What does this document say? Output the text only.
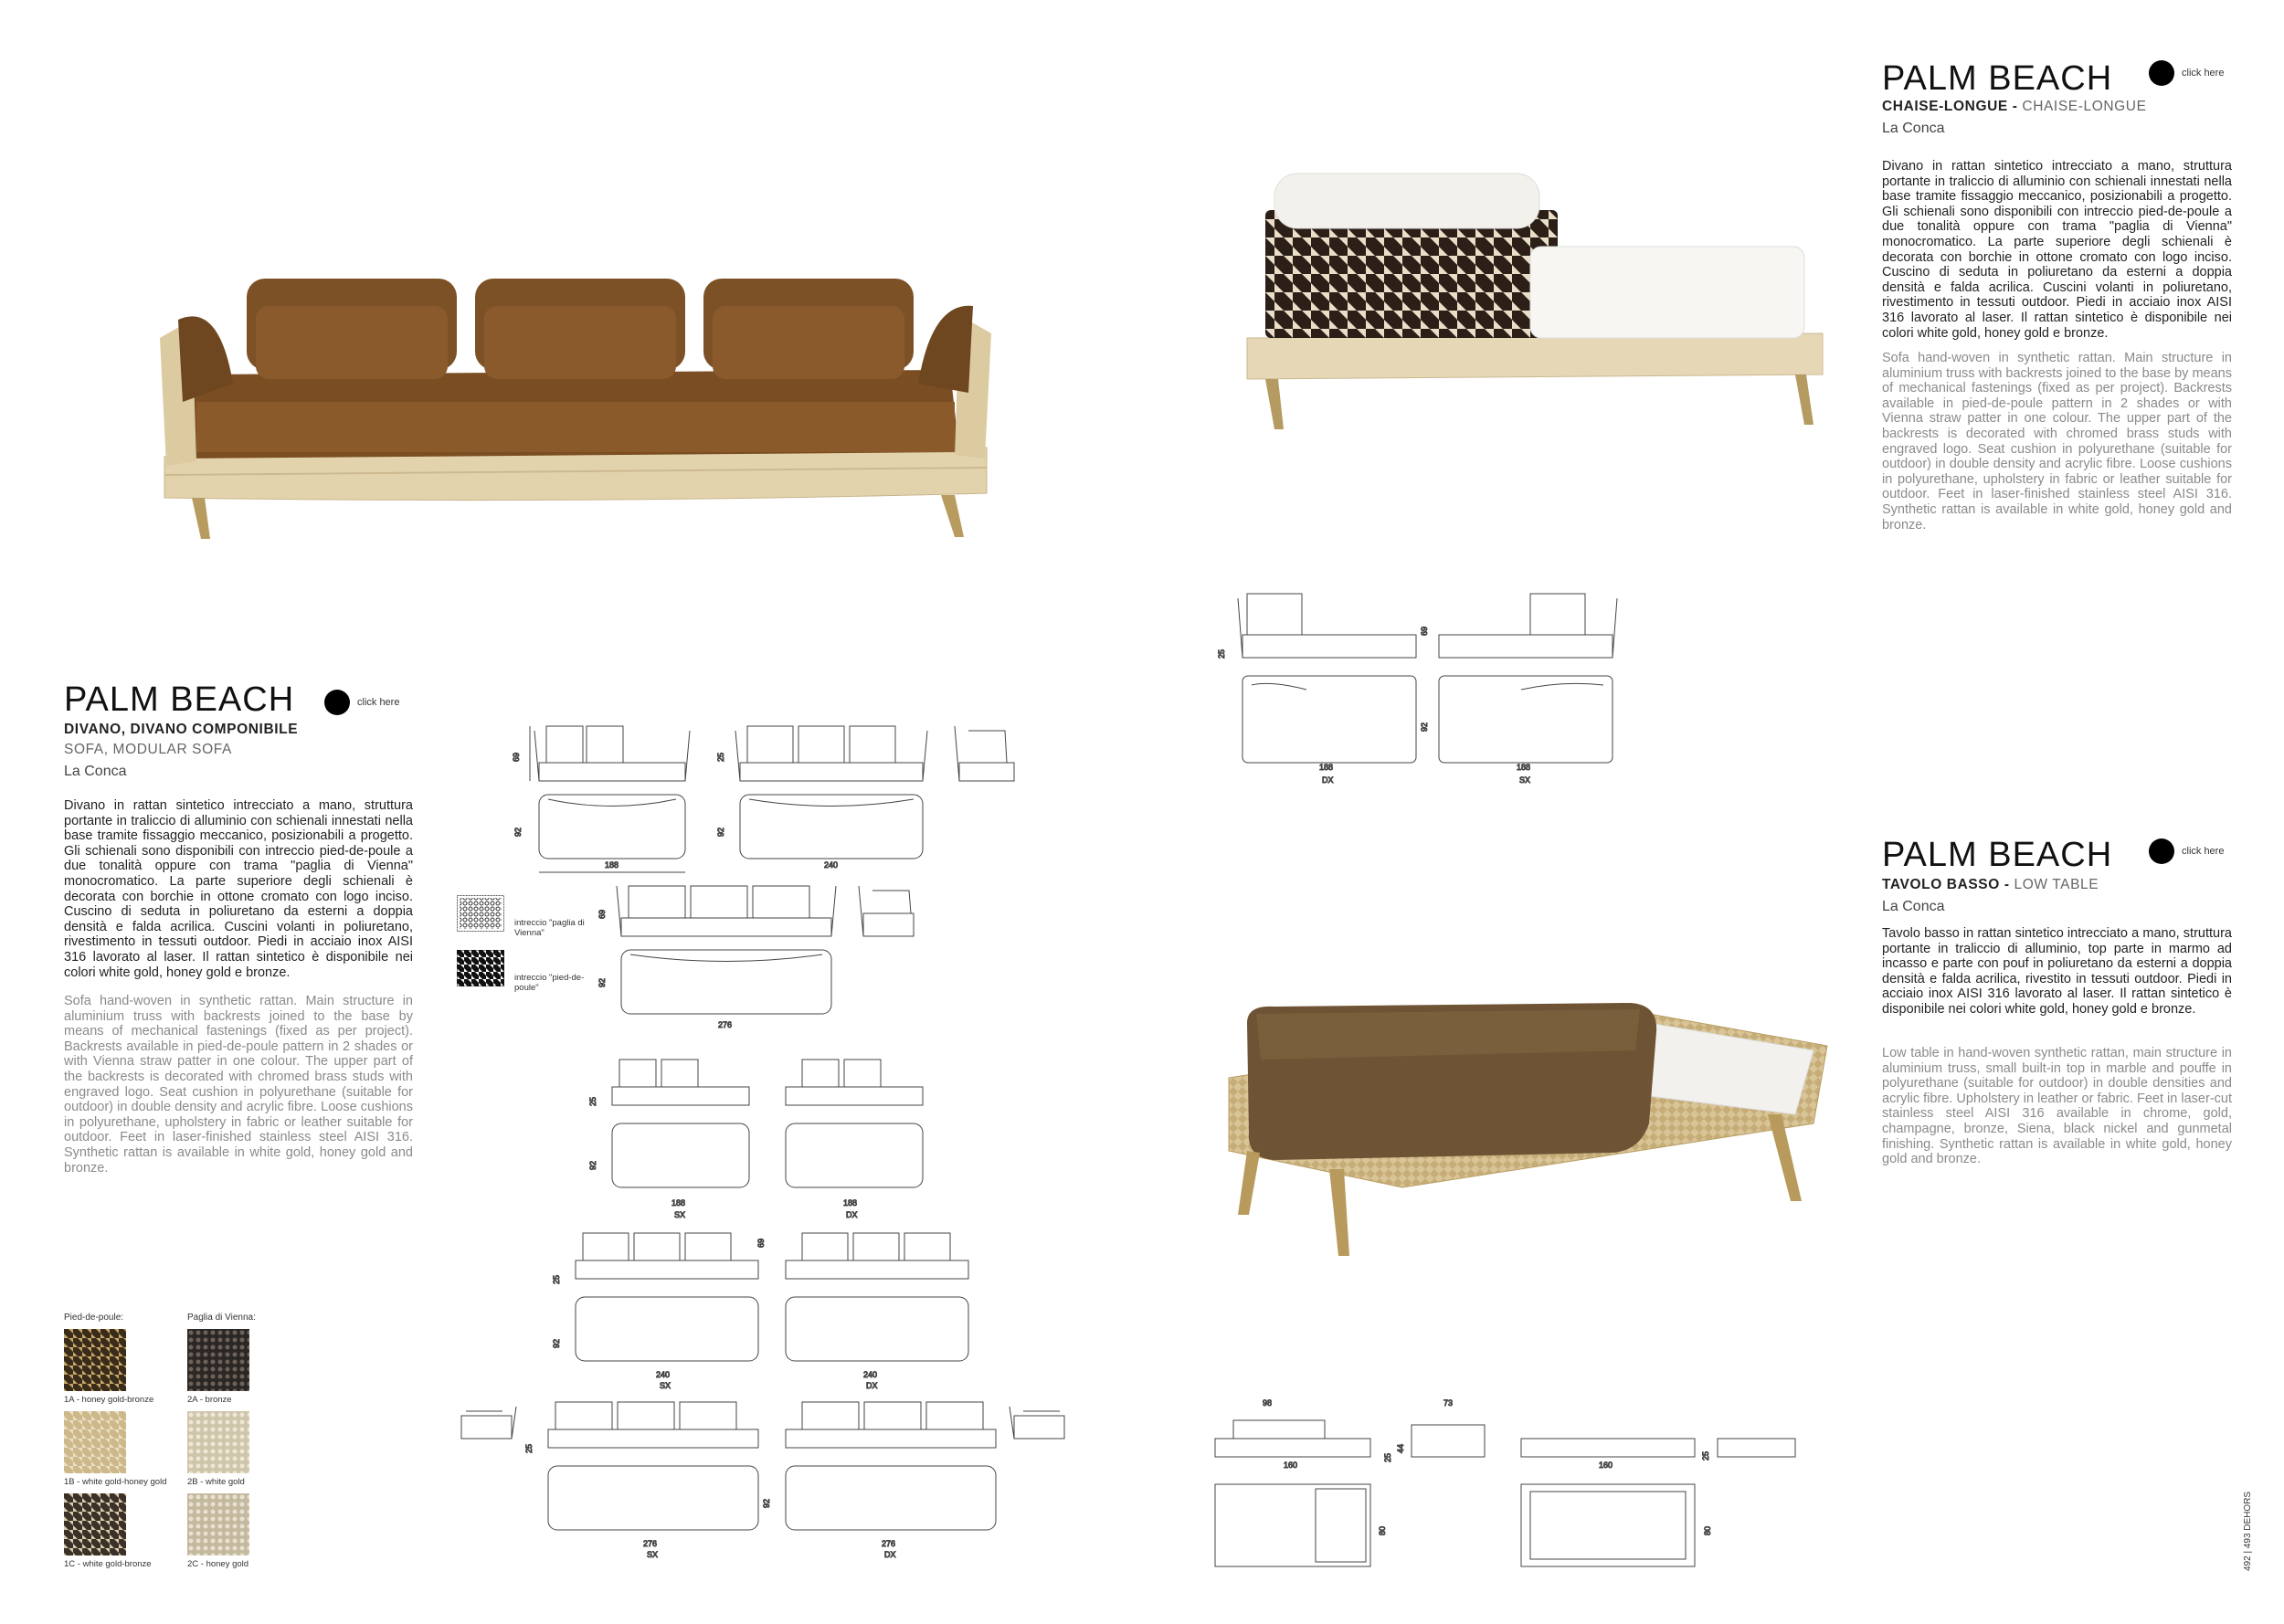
PALM BEACH	click here
DIVANO, DIVANO COMPONIBILE
SOFA, MODULAR SOFA
La Conca
Divano in rattan sintetico intrecciato a mano, struttura portante in traliccio di alluminio con schienali innestati nella base tramite fissaggio meccanico, posizionabili a progetto. Gli schienali sono disponibili con intreccio pied-de-poule a due tonalità oppure con trama "paglia di Vienna" monocromatico. La parte superiore degli schienali è decorata con borchie in ottone cromato con logo inciso. Cuscino di seduta in poliuretano da esterni a doppia densità e falda acrilica. Cuscini volanti in poliuretano, rivestimento in tessuti outdoor. Piedi in acciaio inox AISI 316 lavorato al laser. Il rattan sintetico è disponibile nei colori white gold, honey gold e bronze.
Sofa hand-woven in synthetic rattan. Main structure in aluminium truss with backrests joined to the base by means of mechanical fastenings (fixed as per project). Backrests available in pied-de-poule pattern in 2 shades or with Vienna straw patter in one colour. The upper part of the backrests is decorated with chromed brass studs with engraved logo. Seat cushion in polyurethane (suitable for outdoor) in double density and acrylic fibre. Loose cushions in polyurethane, upholstery in fabric or leather suitable for outdoor. Feet in laser-finished stainless steel AISI 316. Synthetic rattan is available in white gold, honey gold and bronze.
Pied-de-poule:	Paglia di Vienna:
1A - honey gold-bronze	2A - bronze
1B - white gold-honey gold 2B - white gold
1C - white gold-bronze	2C - honey gold
intreccio "paglia di Vienna"
intreccio "pied-de-poule"
69
92
188
25
92
240
69
92
276
25
92
188
SX
188
DX
25
92
240
SX
240
DX
69
25
276
SX
276
DX
92
PALM BEACH	click here
CHAISE-LONGUE - CHAISE-LONGUE
La Conca
Divano in rattan sintetico intrecciato a mano, struttura portante in traliccio di alluminio con schienali innestati nella base tramite fissaggio meccanico, posizionabili a progetto. Gli schienali sono disponibili con intreccio pied-de-poule a due tonalità oppure con trama "paglia di Vienna" monocromatico. La parte superiore degli schienali è decorata con borchie in ottone cromato con logo inciso. Cuscino di seduta in poliuretano da esterni a doppia densità e falda acrilica. Cuscini volanti in poliuretano, rivestimento in tessuti outdoor. Piedi in acciaio inox AISI 316 lavorato al laser. Il rattan sintetico è disponibile nei colori white gold, honey gold e bronze.
Sofa hand-woven in synthetic rattan. Main structure in aluminium truss with backrests joined to the base by means of mechanical fastenings (fixed as per project). Backrests available in pied-de-poule pattern in 2 shades or with Vienna straw patter in one colour. The upper part of the backrests is decorated with chromed brass studs with engraved logo. Seat cushion in polyurethane (suitable for outdoor) in double density and acrylic fibre. Loose cushions in polyurethane, upholstery in fabric or leather suitable for outdoor. Feet in laser-finished stainless steel AISI 316. Synthetic rattan is available in white gold, honey gold and bronze.
25
69
92
188
DX
188
SX
PALM BEACH	click here
TAVOLO BASSO - LOW TABLE
La Conca
Tavolo basso in rattan sintetico intrecciato a mano, struttura portante in traliccio di alluminio, top parte in marmo ad incasso e parte con pouf in poliuretano da esterni a doppia densità e falda acrilica, rivestito in tessuti outdoor. Piedi in acciaio inox AISI 316 lavorato al laser. Il rattan sintetico è disponibile nei colori white gold, honey gold e bronze.
Low table in hand-woven synthetic rattan, main structure in aluminium truss, small built-in top in marble and pouffe in polyurethane (suitable for outdoor) in double densities and acrylic fibre. Upholstery in leather or fabric. Feet in laser-cut stainless steel AISI 316 available in chrome, gold, champagne, bronze, Siena, black nickel and gunmetal finishing. Synthetic rattan is available in white gold, honey gold and bronze.
98	73
160
25
44
80
160
25
80	492 | 493 DEHORS
